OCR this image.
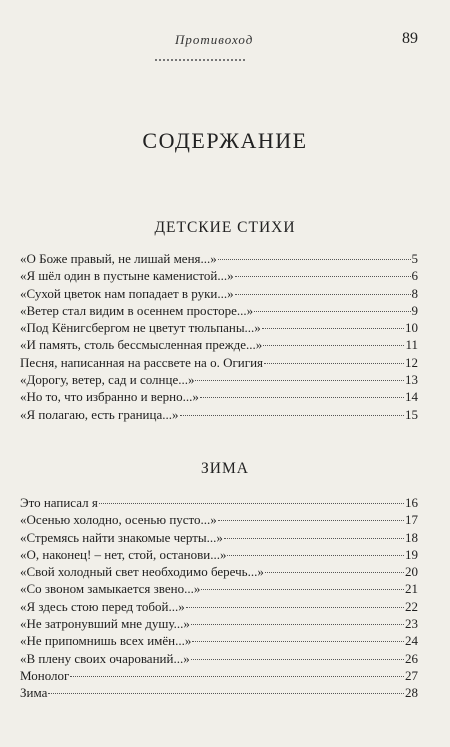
Противоход	89
СОДЕРЖАНИЕ
ДЕТСКИЕ СТИХИ
«О Боже правый, не лишай меня...»	5
«Я шёл один в пустыне каменистой...»	6
«Сухой цветок нам попадает в руки...»	8
«Ветер стал видим в осеннем просторе...»	9
«Под Кёнигсбергом не цветут тюльпаны...»	10
«И память, столь бессмысленная прежде...»	11
Песня, написанная на рассвете на о. Огигия	12
«Дорогу, ветер, сад и солнце...»	13
«Но то, что избранно и верно...»	14
«Я полагаю, есть граница...»	15
ЗИМА
Это написал я	16
«Осенью холодно, осенью пусто...»	17
«Стремясь найти знакомые черты...»	18
«О, наконец! – нет, стой, останови...»	19
«Свой холодный свет необходимо беречь...»	20
«Со звоном замыкается звено...»	21
«Я здесь стою перед тобой...»	22
«Не затронувший мне душу...»	23
«Не припомнишь всех имён...»	24
«В плену своих очарований...»	26
Монолог	27
Зима	28
